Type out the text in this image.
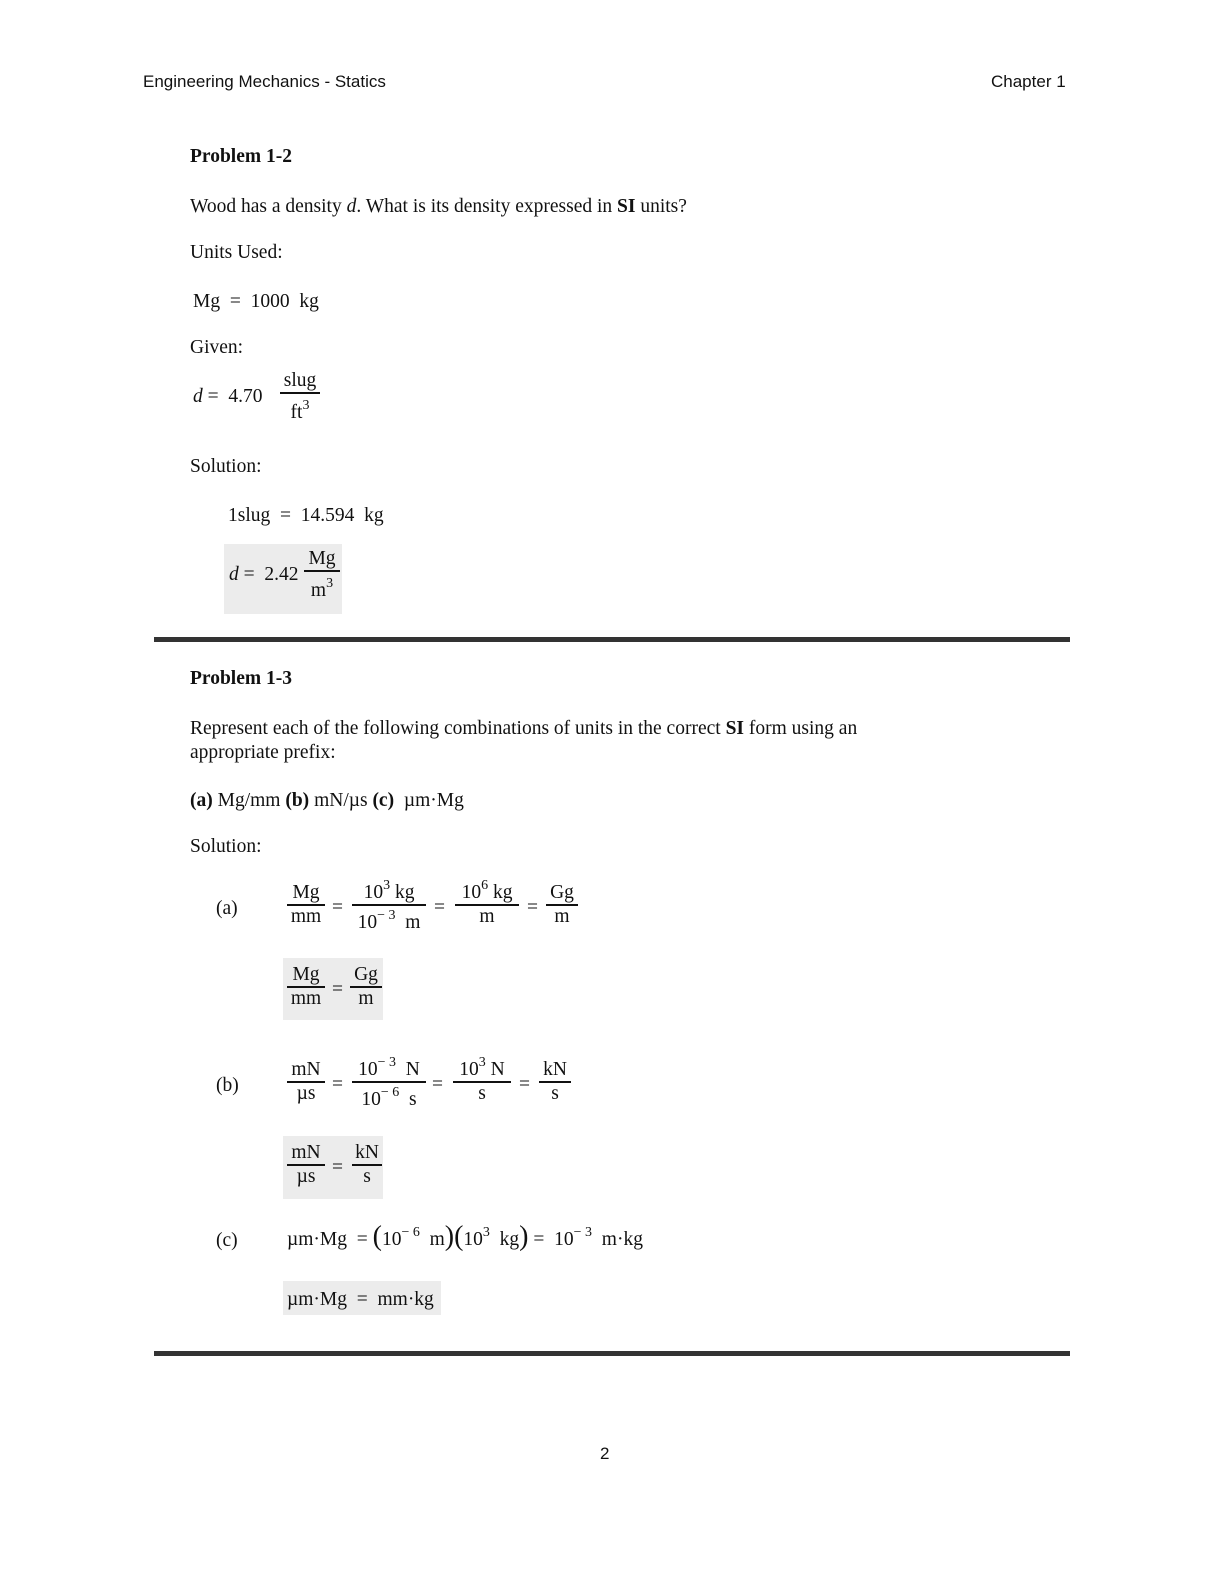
Engineering Mechanics - Statics	Chapter 1
Problem 1-2
Wood has a density d. What is its density expressed in SI units?
Units Used:
Mg  =  1000  kg
Given:
d =  4.70
slug
$ft^3$
Solution:
1slug  =  14.594  kg
d =  2.42
Mg
$m^3$
Problem 1-3
Represent each of the following combinations of units in the correct SI form using an
appropriate prefix:
(a) Mg/mm (b) mN/µs (c)  µm·Mg
Solution:
(a)
Mg
mm =
$10^3$ kg
$10^{- 3}$  m
=
$10^6$ kg
m =
Gg
m
Mg
mm =
Gg
m
(b)
mN
µs =
$10^{- 3}$  N
$10^{- 6}$  s
=
$10^3$ N
s =
kN
s
mN
µs =
kN
s
(c)	$\mu m\cdot Mg = (10^{- 6}$  $m)(10^3$  $kg) = 10^{- 3}$  m·kg
µm·Mg  =  mm·kg
2
